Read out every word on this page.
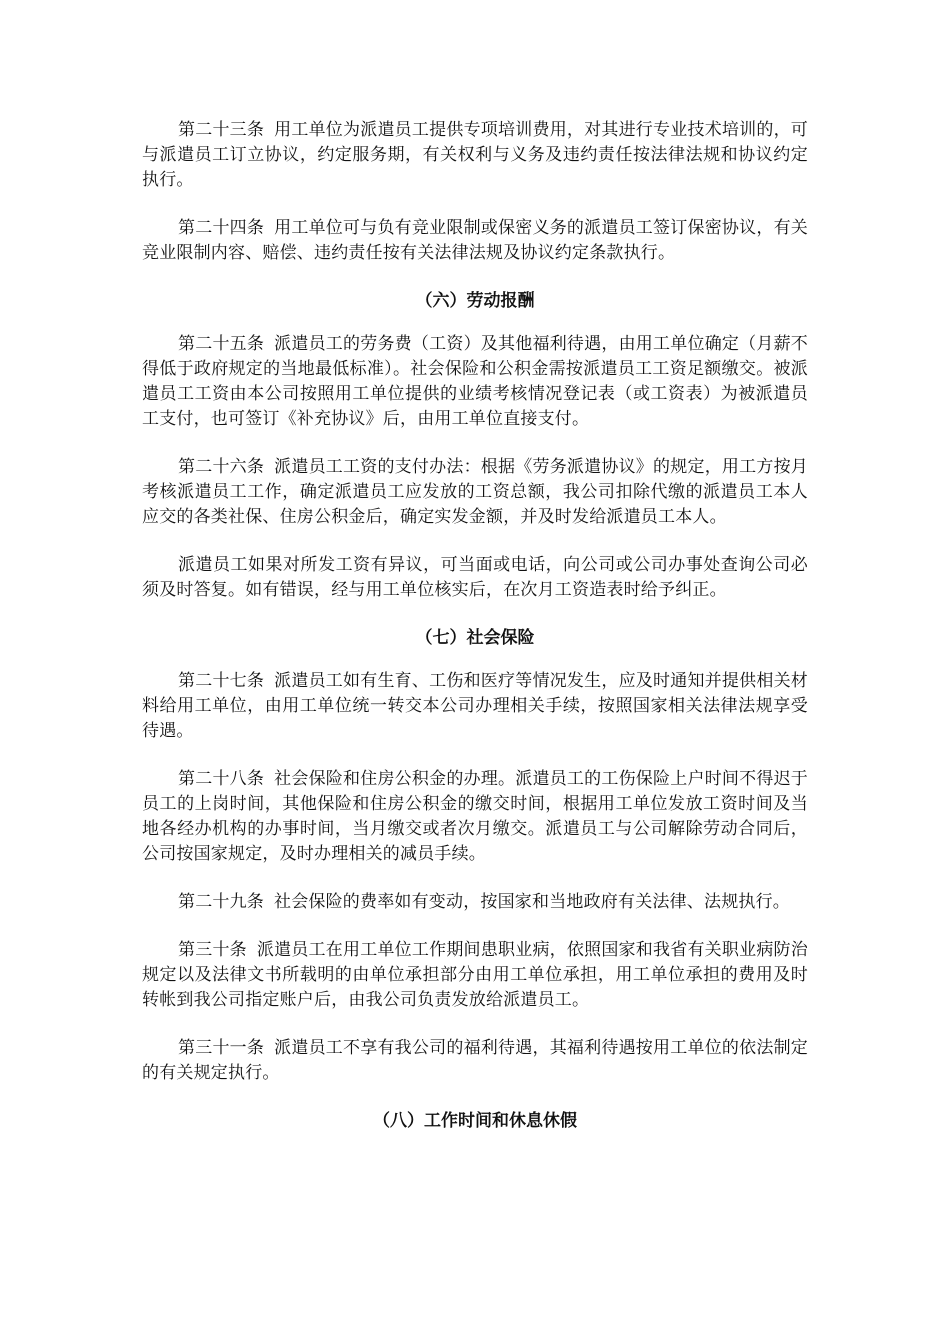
第二十三条 用工单位为派遣员工提供专项培训费用，对其进行专业技术培训的，可与派遣员工订立协议，约定服务期，有关权利与义务及违约责任按法律法规和协议约定执行。

第二十四条 用工单位可与负有竞业限制或保密义务的派遣员工签订保密协议，有关竞业限制内容、赔偿、违约责任按有关法律法规及协议约定条款执行。

（六）劳动报酬

第二十五条 派遣员工的劳务费（工资）及其他福利待遇，由用工单位确定（月薪不得低于政府规定的当地最低标准）。社会保险和公积金需按派遣员工工资足额缴交。被派遣员工工资由本公司按照用工单位提供的业绩考核情况登记表（或工资表）为被派遣员工支付，也可签订《补充协议》后，由用工单位直接支付。

第二十六条 派遣员工工资的支付办法：根据《劳务派遣协议》的规定，用工方按月考核派遣员工工作，确定派遣员工应发放的工资总额，我公司扣除代缴的派遣员工本人应交的各类社保、住房公积金后，确定实发金额，并及时发给派遣员工本人。

派遣员工如果对所发工资有异议，可当面或电话，向公司或公司办事处查询公司必须及时答复。如有错误，经与用工单位核实后，在次月工资造表时给予纠正。

（七）社会保险

第二十七条 派遣员工如有生育、工伤和医疗等情况发生，应及时通知并提供相关材料给用工单位，由用工单位统一转交本公司办理相关手续，按照国家相关法律法规享受待遇。

第二十八条 社会保险和住房公积金的办理。派遣员工的工伤保险上户时间不得迟于员工的上岗时间，其他保险和住房公积金的缴交时间，根据用工单位发放工资时间及当地各经办机构的办事时间，当月缴交或者次月缴交。派遣员工与公司解除劳动合同后，公司按国家规定，及时办理相关的减员手续。

第二十九条 社会保险的费率如有变动，按国家和当地政府有关法律、法规执行。

第三十条 派遣员工在用工单位工作期间患职业病，依照国家和我省有关职业病防治规定以及法律文书所载明的由单位承担部分由用工单位承担，用工单位承担的费用及时转帐到我公司指定账户后，由我公司负责发放给派遣员工。

第三十一条 派遣员工不享有我公司的福利待遇，其福利待遇按用工单位的依法制定的有关规定执行。

（八）工作时间和休息休假
